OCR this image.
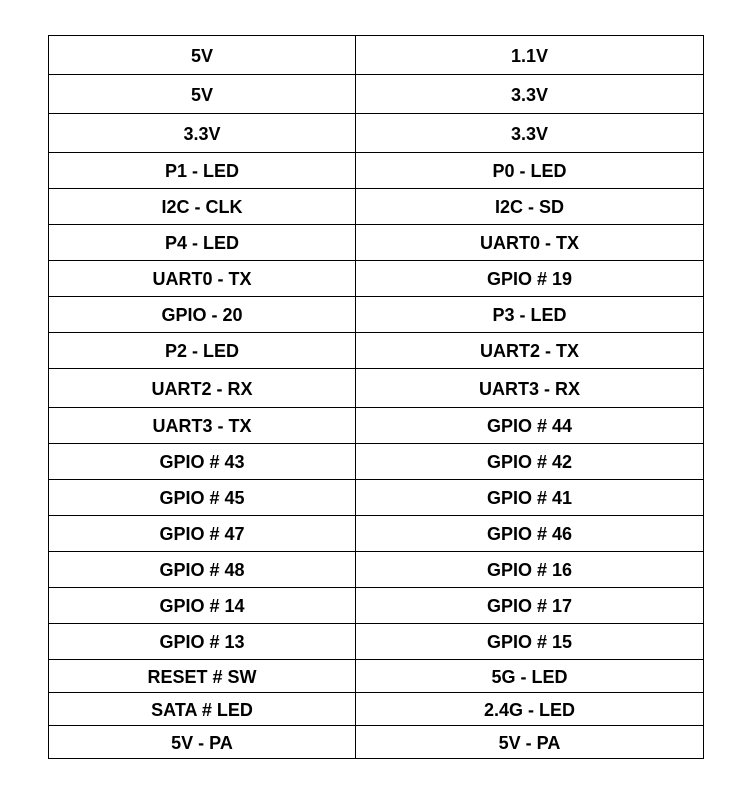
5V	1.1V
5V	3.3V
3.3V	3.3V
P1 - LED	P0 - LED
I2C - CLK	I2C - SD
P4 - LED	UART0 - TX
UART0 - TX	GPIO # 19
GPIO - 20	P3 - LED
P2 - LED	UART2 - TX
UART2 - RX	UART3 - RX
UART3 - TX	GPIO # 44
GPIO # 43	GPIO # 42
GPIO # 45	GPIO # 41
GPIO # 47	GPIO # 46
GPIO # 48	GPIO # 16
GPIO # 14	GPIO # 17
GPIO # 13	GPIO # 15
RESET # SW	5G - LED
SATA # LED	2.4G - LED
5V - PA	5V - PA
